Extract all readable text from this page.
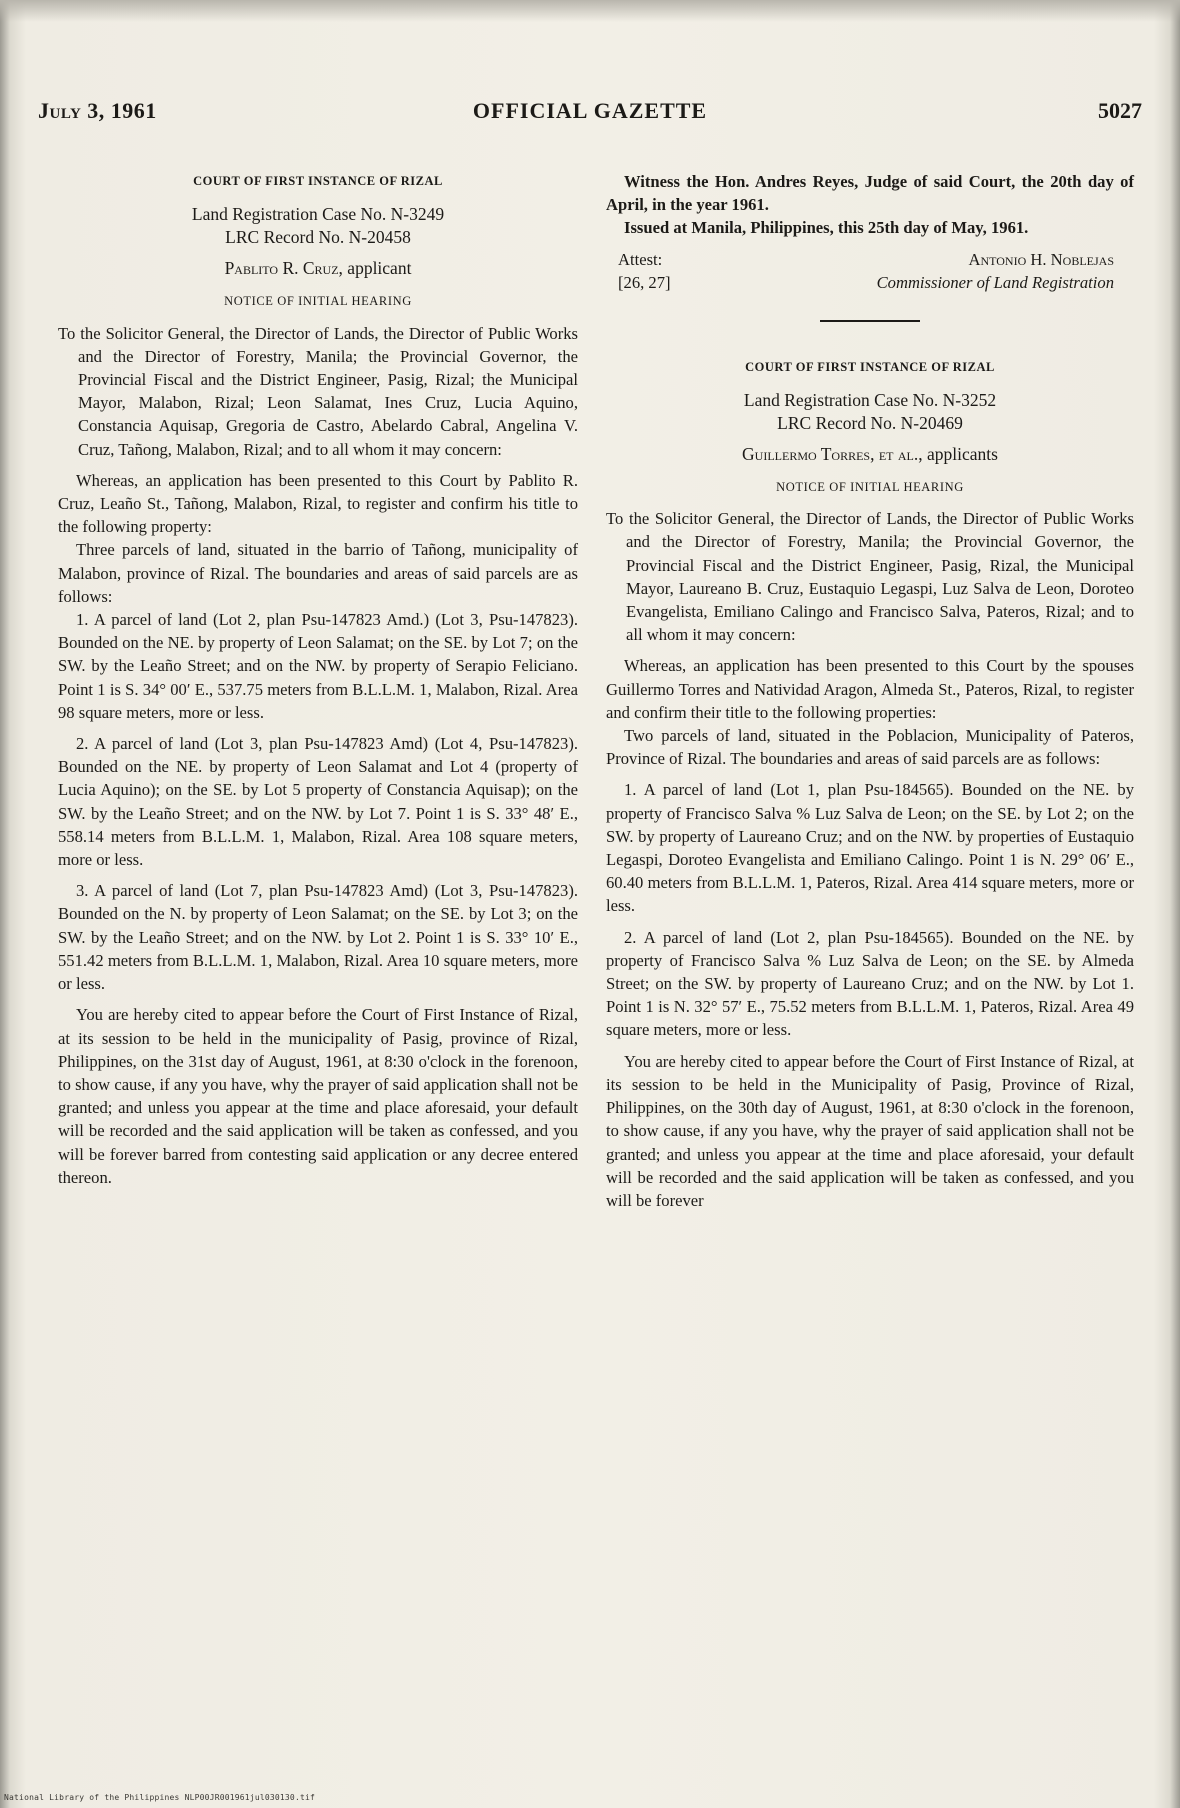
July 3, 1961	OFFICIAL GAZETTE	5027
COURT OF FIRST INSTANCE OF RIZAL
Land Registration Case No. N-3249
LRC Record No. N-20458
Pablito R. Cruz, applicant
NOTICE OF INITIAL HEARING

To the Solicitor General, the Director of Lands, the Director of Public Works and the Director of Forestry, Manila; the Provincial Governor, the Provincial Fiscal and the District Engineer, Pasig, Rizal; the Municipal Mayor, Malabon, Rizal; Leon Salamat, Ines Cruz, Lucia Aquino, Constancia Aquisap, Gregoria de Castro, Abelardo Cabral, Angelina V. Cruz, Tañong, Malabon, Rizal; and to all whom it may concern:

Whereas, an application has been presented to this Court by Pablito R. Cruz, Leaño St., Tañong, Malabon, Rizal, to register and confirm his title to the following property:

Three parcels of land, situated in the barrio of Tañong, municipality of Malabon, province of Rizal. The boundaries and areas of said parcels are as follows:

1. A parcel of land (Lot 2, plan Psu-147823 Amd.) (Lot 3, Psu-147823). Bounded on the NE. by property of Leon Salamat; on the SE. by Lot 7; on the SW. by the Leaño Street; and on the NW. by property of Serapio Feliciano. Point 1 is S. 34° 00′ E., 537.75 meters from B.L.L.M. 1, Malabon, Rizal. Area 98 square meters, more or less.

2. A parcel of land (Lot 3, plan Psu-147823 Amd) (Lot 4, Psu-147823). Bounded on the NE. by property of Leon Salamat and Lot 4 (property of Lucia Aquino); on the SE. by Lot 5 property of Constancia Aquisap); on the SW. by the Leaño Street; and on the NW. by Lot 7. Point 1 is S. 33° 48′ E., 558.14 meters from B.L.L.M. 1, Malabon, Rizal. Area 108 square meters, more or less.

3. A parcel of land (Lot 7, plan Psu-147823 Amd) (Lot 3, Psu-147823). Bounded on the N. by property of Leon Salamat; on the SE. by Lot 3; on the SW. by the Leaño Street; and on the NW. by Lot 2. Point 1 is S. 33° 10′ E., 551.42 meters from B.L.L.M. 1, Malabon, Rizal. Area 10 square meters, more or less.

You are hereby cited to appear before the Court of First Instance of Rizal, at its session to be held in the municipality of Pasig, province of Rizal, Philippines, on the 31st day of August, 1961, at 8:30 o'clock in the forenoon, to show cause, if any you have, why the prayer of said application shall not be granted; and unless you appear at the time and place aforesaid, your default will be recorded and the said application will be taken as confessed, and you will be forever barred from contesting said application or any decree entered thereon.

Witness the Hon. Andres Reyes, Judge of said Court, the 20th day of April, in the year 1961.

Issued at Manila, Philippines, this 25th day of May, 1961.

Attest:
[26, 27]
Antonio H. Noblejas
Commissioner of Land Registration
COURT OF FIRST INSTANCE OF RIZAL
Land Registration Case No. N-3252
LRC Record No. N-20469
Guillermo Torres, et al., applicants
NOTICE OF INITIAL HEARING

To the Solicitor General, the Director of Lands, the Director of Public Works and the Director of Forestry, Manila; the Provincial Governor, the Provincial Fiscal and the District Engineer, Pasig, Rizal, the Municipal Mayor, Laureano B. Cruz, Eustaquio Legaspi, Luz Salva de Leon, Doroteo Evangelista, Emiliano Calingo and Francisco Salva, Pateros, Rizal; and to all whom it may concern:

Whereas, an application has been presented to this Court by the spouses Guillermo Torres and Natividad Aragon, Almeda St., Pateros, Rizal, to register and confirm their title to the following properties:

Two parcels of land, situated in the Poblacion, Municipality of Pateros, Province of Rizal. The boundaries and areas of said parcels are as follows:

1. A parcel of land (Lot 1, plan Psu-184565). Bounded on the NE. by property of Francisco Salva % Luz Salva de Leon; on the SE. by Lot 2; on the SW. by property of Laureano Cruz; and on the NW. by properties of Eustaquio Legaspi, Doroteo Evangelista and Emiliano Calingo. Point 1 is N. 29° 06′ E., 60.40 meters from B.L.L.M. 1, Pateros, Rizal. Area 414 square meters, more or less.

2. A parcel of land (Lot 2, plan Psu-184565). Bounded on the NE. by property of Francisco Salva % Luz Salva de Leon; on the SE. by Almeda Street; on the SW. by property of Laureano Cruz; and on the NW. by Lot 1. Point 1 is N. 32° 57′ E., 75.52 meters from B.L.L.M. 1, Pateros, Rizal. Area 49 square meters, more or less.

You are hereby cited to appear before the Court of First Instance of Rizal, at its session to be held in the Municipality of Pasig, Province of Rizal, Philippines, on the 30th day of August, 1961, at 8:30 o'clock in the forenoon, to show cause, if any you have, why the prayer of said application shall not be granted; and unless you appear at the time and place aforesaid, your default will be recorded and the said application will be taken as confessed, and you will be forever

National Library of the Philippines NLP00JR001961jul030130.tif
